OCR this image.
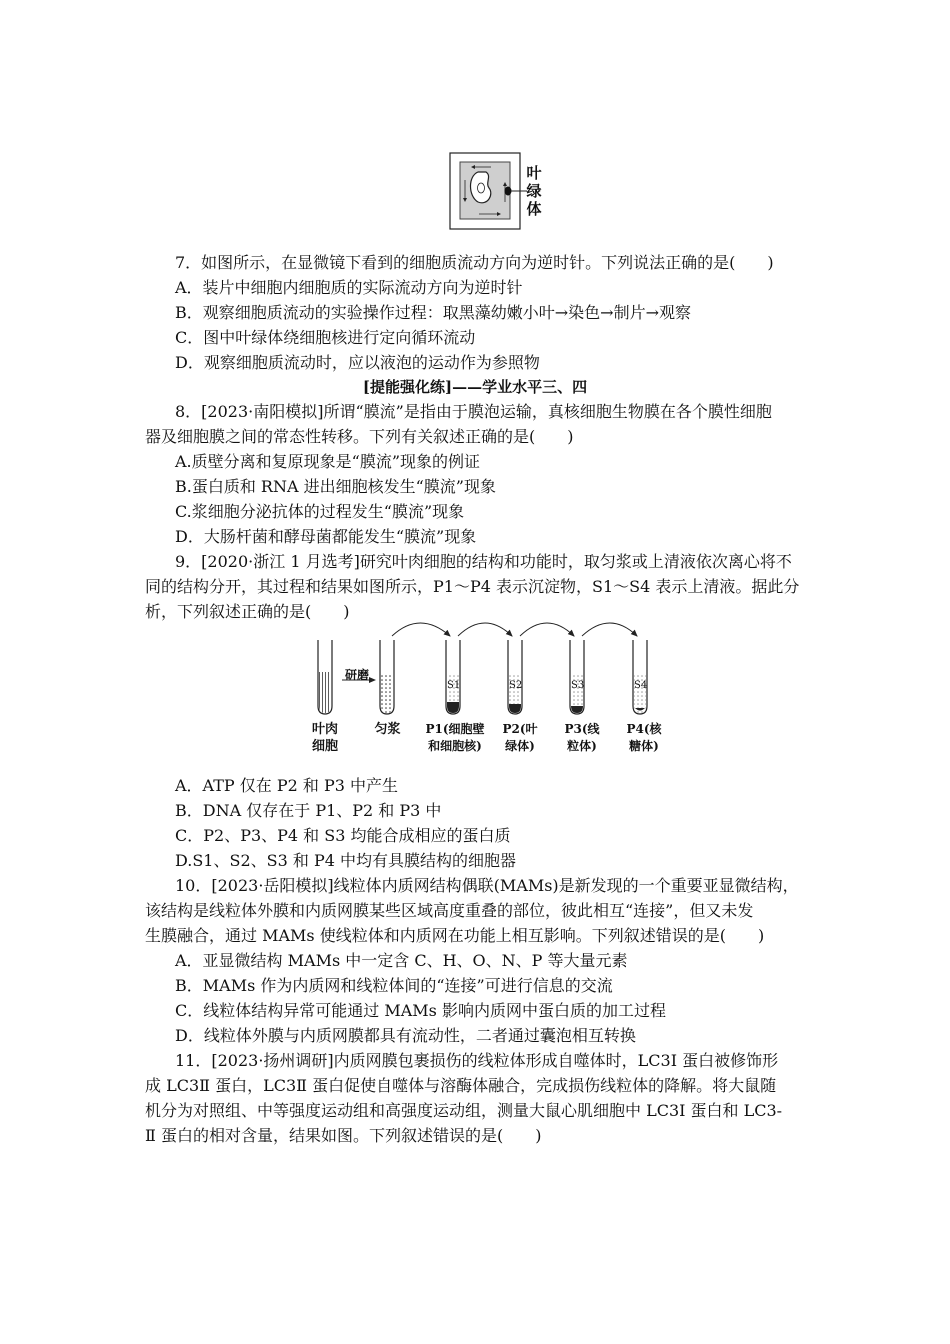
叶
绿
体
7．如图所示，在显微镜下看到的细胞质流动方向为逆时针。下列说法正确的是(　　)
A．装片中细胞内细胞质的实际流动方向为逆时针
B．观察细胞质流动的实验操作过程：取黑藻幼嫩小叶→染色→制片→观察
C．图中叶绿体绕细胞核进行定向循环流动
D．观察细胞质流动时，应以液泡的运动作为参照物
[提能强化练]——学业水平三、四
8．[2023·南阳模拟]所谓“膜流”是指由于膜泡运输，真核细胞生物膜在各个膜性细胞
器及细胞膜之间的常态性转移。下列有关叙述正确的是(　　)
A.质壁分离和复原现象是“膜流”现象的例证
B.蛋白质和 RNA 进出细胞核发生“膜流”现象
C.浆细胞分泌抗体的过程发生“膜流”现象
D．大肠杆菌和酵母菌都能发生“膜流”现象
9．[2020·浙江 1 月选考]研究叶肉细胞的结构和功能时，取匀浆或上清液依次离心将不
同的结构分开，其过程和结果如图所示，P1～P4 表示沉淀物，S1～S4 表示上清液。据此分
析，下列叙述正确的是(　　)
研磨
S1	S2	S3	S4
叶肉
细胞
匀浆	P1(细胞壁
和细胞核)
P2(叶
绿体)
P3(线
粒体)
P4(核
糖体)
A．ATP 仅在 P2 和 P3 中产生
B．DNA 仅存在于 P1、P2 和 P3 中
C．P2、P3、P4 和 S3 均能合成相应的蛋白质
D.S1、S2、S3 和 P4 中均有具膜结构的细胞器
10．[2023·岳阳模拟]线粒体内质网结构偶联(MAMs)是新发现的一个重要亚显微结构，
该结构是线粒体外膜和内质网膜某些区域高度重叠的部位，彼此相互“连接”，但又未发
生膜融合，通过 MAMs 使线粒体和内质网在功能上相互影响。下列叙述错误的是(　　)
A．亚显微结构 MAMs 中一定含 C、H、O、N、P 等大量元素
B．MAMs 作为内质网和线粒体间的“连接”可进行信息的交流
C．线粒体结构异常可能通过 MAMs 影响内质网中蛋白质的加工过程
D．线粒体外膜与内质网膜都具有流动性，二者通过囊泡相互转换
11．[2023·扬州调研]内质网膜包裹损伤的线粒体形成自噬体时，LC3Ⅰ 蛋白被修饰形
成 LC3Ⅱ 蛋白，LC3Ⅱ 蛋白促使自噬体与溶酶体融合，完成损伤线粒体的降解。将大鼠随
机分为对照组、中等强度运动组和高强度运动组，测量大鼠心肌细胞中 LC3Ⅰ 蛋白和 LC3-
Ⅱ 蛋白的相对含量，结果如图。下列叙述错误的是(　　)
